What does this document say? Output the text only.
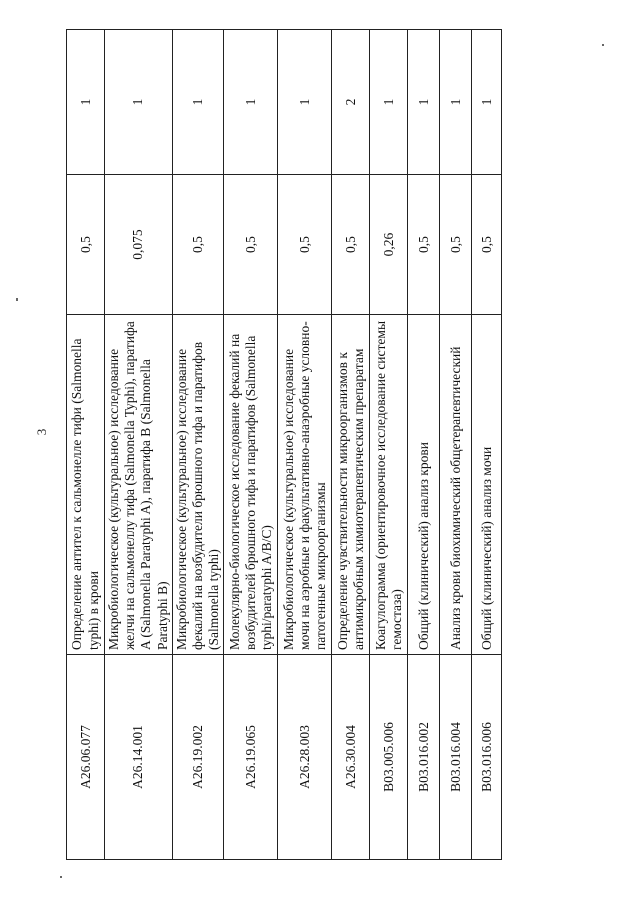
3
A26.06.077	Определение антител к сальмонелле тифи (Salmonella typhi) в крови	0,5	1
A26.14.001	Микробиологическое (культуральное) исследование желчи на сальмонеллу тифа (Salmonella Typhi), паратифа A (Salmonella Paratyphi A), паратифа B (Salmonella Paratyphi B)	0,075	1
A26.19.002	Микробиологическое (культуральное) исследование фекалий на возбудители брюшного тифа и паратифов (Salmonella typhi)	0,5	1
A26.19.065	Молекулярно-биологическое исследование фекалий на возбудителей брюшного тифа и паратифов (Salmonella typhi/paratyphi A/B/C)	0,5	1
A26.28.003	Микробиологическое (культуральное) исследование мочи на аэробные и факультативно-анаэробные условно-патогенные микроорганизмы	0,5	1
A26.30.004	Определение чувствительности микроорганизмов к антимикробным химиотерапевтическим препаратам	0,5	2
B03.005.006	Коагулограмма (ориентировочное исследование системы гемостаза)	0,26	1
B03.016.002	Общий (клинический) анализ крови	0,5	1
B03.016.004	Анализ крови биохимический общетерапевтический	0,5	1
B03.016.006	Общий (клинический) анализ мочи	0,5	1
